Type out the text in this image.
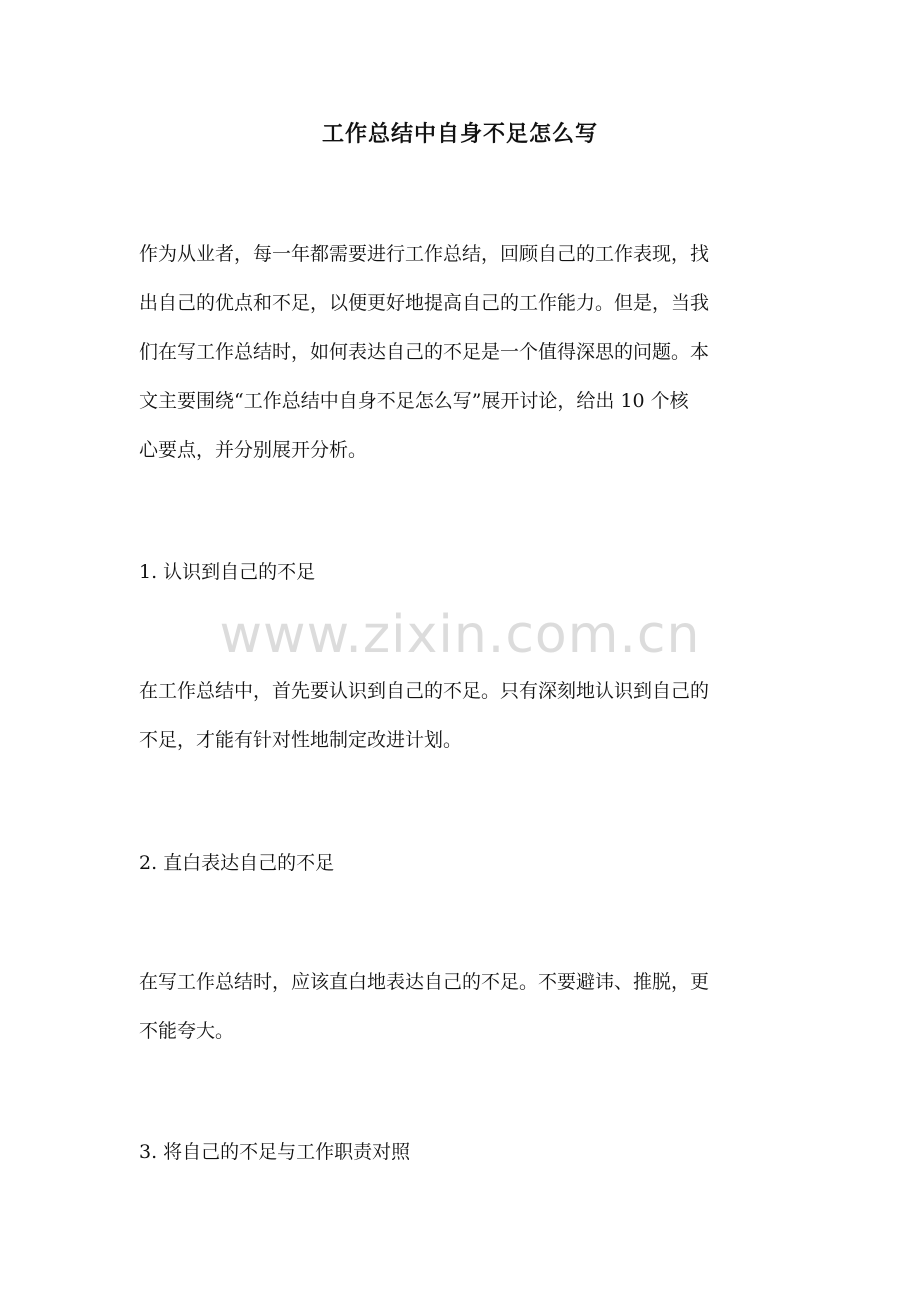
工作总结中自身不足怎么写
作为从业者，每一年都需要进行工作总结，回顾自己的工作表现，找
出自己的优点和不足，以便更好地提高自己的工作能力。但是，当我
们在写工作总结时，如何表达自己的不足是一个值得深思的问题。本
文主要围绕“工作总结中自身不足怎么写”展开讨论，给出 10 个核
心要点，并分别展开分析。
1. 认识到自己的不足
www.zixin.com.cn
在工作总结中，首先要认识到自己的不足。只有深刻地认识到自己的
不足，才能有针对性地制定改进计划。
2. 直白表达自己的不足
在写工作总结时，应该直白地表达自己的不足。不要避讳、推脱，更
不能夸大。
3. 将自己的不足与工作职责对照
